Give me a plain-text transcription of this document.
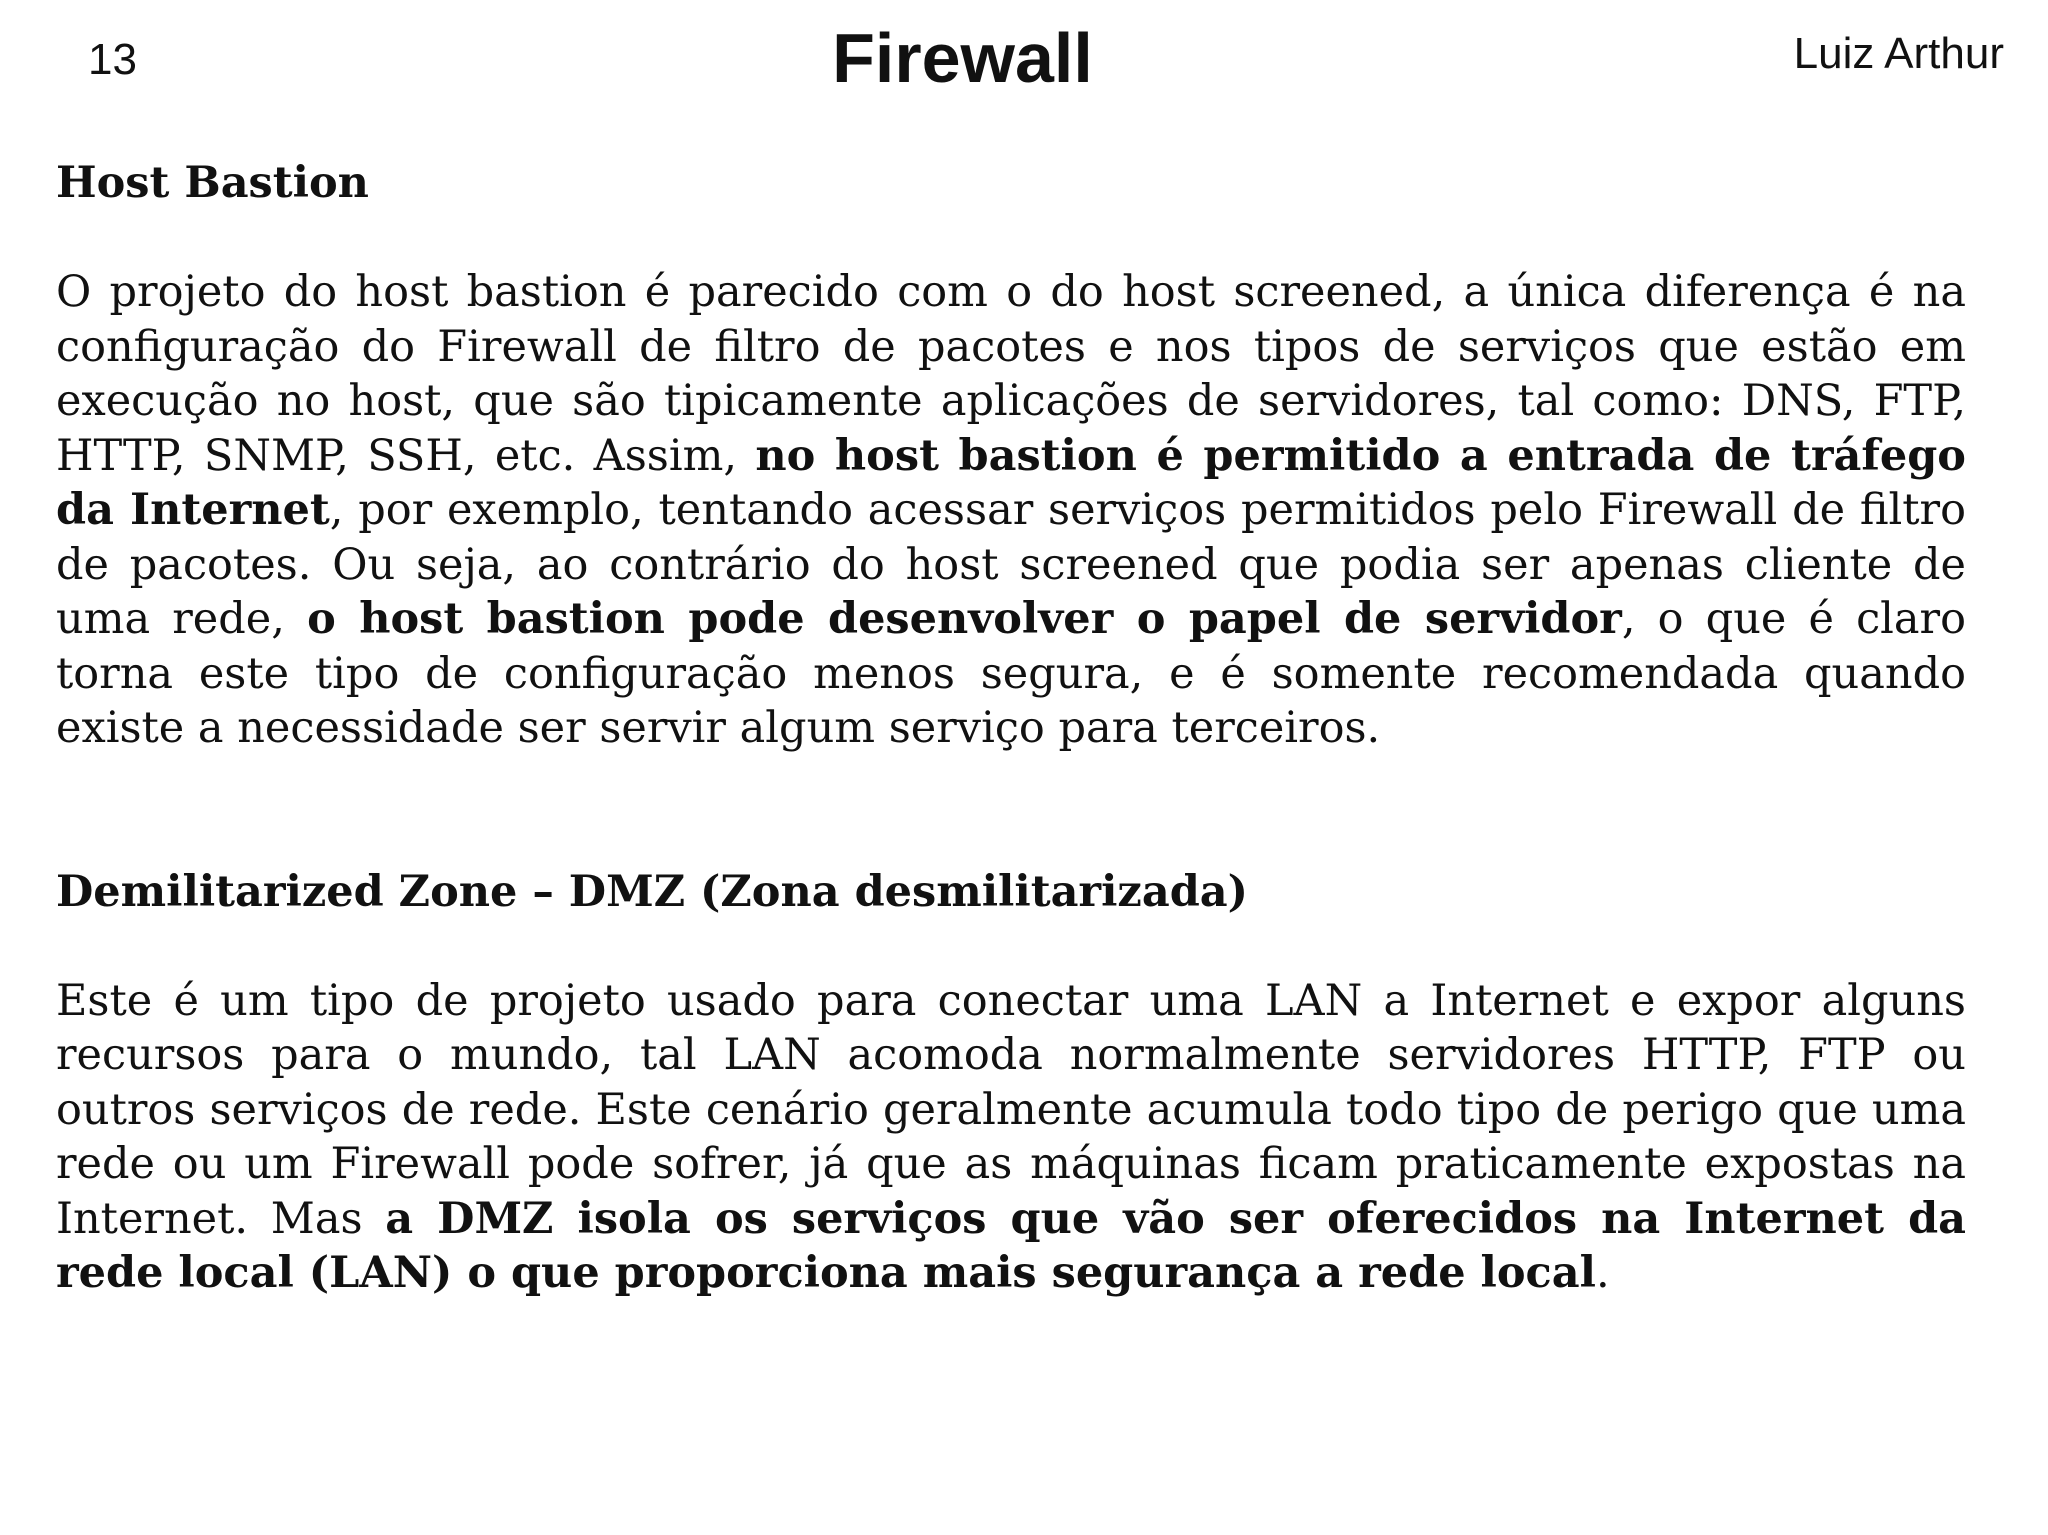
13	Firewall	Luiz Arthur

Host Bastion

O projeto do host bastion é parecido com o do host screened, a única diferença é na configuração do Firewall de filtro de pacotes e nos tipos de serviços que estão em execução no host, que são tipicamente aplicações de servidores, tal como: DNS, FTP, HTTP, SNMP, SSH, etc. Assim, no host bastion é permitido a entrada de tráfego da Internet, por exemplo, tentando acessar serviços permitidos pelo Firewall de filtro de pacotes. Ou seja, ao contrário do host screened que podia ser apenas cliente de uma rede, o host bastion pode desenvolver o papel de servidor, o que é claro torna este tipo de configuração menos segura, e é somente recomendada quando existe a necessidade ser servir algum serviço para terceiros.

Demilitarized Zone – DMZ (Zona desmilitarizada)

Este é um tipo de projeto usado para conectar uma LAN a Internet e expor alguns recursos para o mundo, tal LAN acomoda normalmente servidores HTTP, FTP ou outros serviços de rede. Este cenário geralmente acumula todo tipo de perigo que uma rede ou um Firewall pode sofrer, já que as máquinas ficam praticamente expostas na Internet. Mas a DMZ isola os serviços que vão ser oferecidos na Internet da rede local (LAN) o que proporciona mais segurança a rede local.
